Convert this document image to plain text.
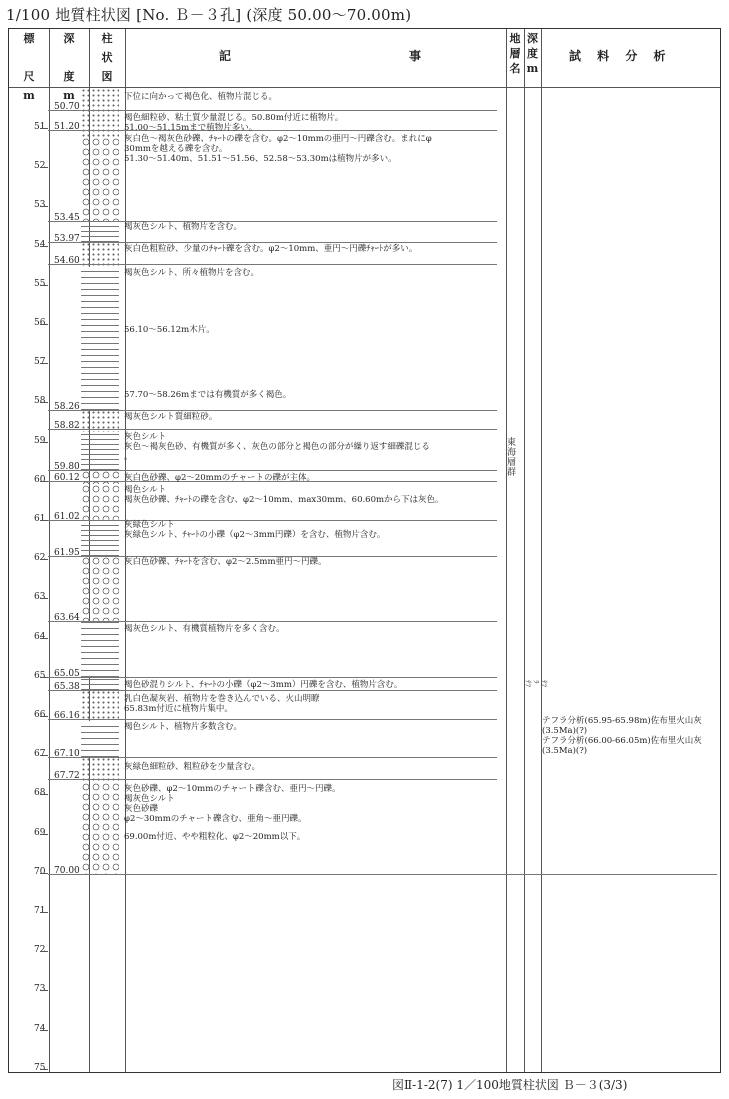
1/100 地質柱状図 [No. Ｂ－３孔] (深度 50.00～70.00m)
標

尺
m
深

度
m
柱
状
図
記	事
地
層
名
深
度
m
試 料 分 析
51
52
53
54
55
56
57
58
59
60
61
62
63
64
65
66
67
68
69
70
71
72
73
74
75
50.70
51.20
53.45
53.97
54.60
58.26
58.82
59.80
60.12
61.02
61.95
63.64
65.05
65.38
66.16
67.10
67.72
70.00
下位に向かって褐色化、植物片混じる。
褐色細粒砂、粘土質少量混じる。50.80m付近に植物片。
51.00～51.15mまで植物片多い。
灰白色～褐灰色砂礫、ﾁｬｰﾄの礫を含む。φ2～10mmの亜円～円礫含む。まれにφ
30mmを越える礫を含む。
51.30～51.40m、51.51～51.56、52.58～53.30mは植物片が多い。
褐灰色シルト、植物片を含む。
灰白色粗粒砂、少量のﾁｬｰﾄ礫を含む。φ2～10mm、亜円～円礫ﾁｬｰﾄが多い。
褐灰色シルト、所々植物片を含む。
56.10～56.12m木片。
57.70～58.26mまでは有機質が多く褐色。
褐灰色シルト質細粒砂。
灰色シルト
灰色～褐灰色砂、有機質が多く、灰色の部分と褐色の部分が繰り返す細礫混じる
。
灰白色砂礫、φ2～20mmのチャートの礫が主体。
褐色シルト
褐灰色砂礫、ﾁｬｰﾄの礫を含む、φ2～10mm、max30mm、60.60mから下は灰色。
灰緑色シルト
灰緑色シルト、ﾁｬｰﾄの小礫（φ2～3mm円礫）を含む、植物片含む。
灰白色砂礫、ﾁｬｰﾄを含む、φ2～2.5mm亜円～円礫。
褐灰色シルト、有機質植物片を多く含む。
褐色砂混りシルト、ﾁｬｰﾄの小礫（φ2～3mm）円礫を含む、植物片含む。
乳白色凝灰岩、植物片を巻き込んでいる、火山明瞭
65.83m付近に植物片集中。
褐色シルト、植物片多数含む。
灰緑色細粒砂、粗粒砂を少量含む。
灰色砂礫、φ2～10mmのチャート礫含む、亜円～円礫。
褐灰色シルト
灰色砂礫
φ2～30mmのチャート礫含む、亜角～亜円礫。
69.00m付近、やや粗粒化、φ2～20mm以下。
東海層群
ﾃﾌ
ﾗ
ﾃﾌ
テフラ分析(65.95-65.98m)佐布里火山灰
(3.5Ma)(?)
テフラ分析(66.00-66.05m)佐布里火山灰
(3.5Ma)(?)
図Ⅱ-1-2(7) 1／100地質柱状図 Ｂ－３(3/3)
